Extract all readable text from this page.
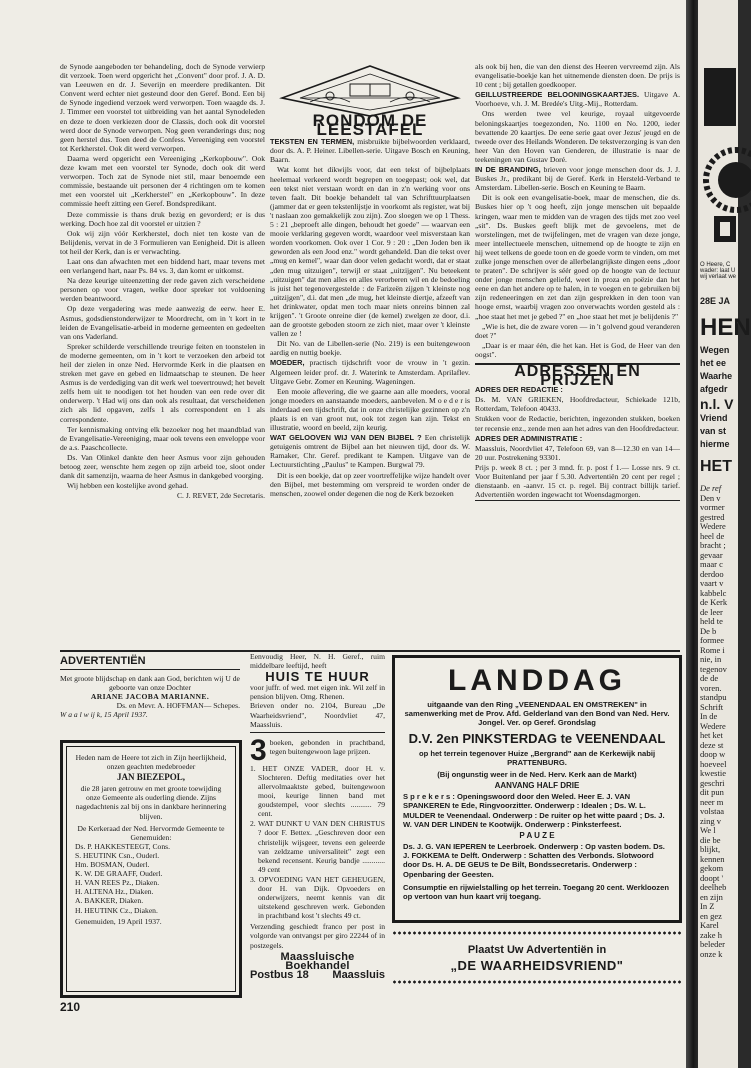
de Synode aangeboden ter behandeling, doch de Synode verwierp dit verzoek. Toen werd opgericht het „Convent" door prof. J. A. D. van Leeuwen en dr. J. Severijn en meerdere predikanten. Dit Convent werd echter niet gesteund door den Geref. Bond. Een bij de Synode ingediend verzoek werd verworpen. Toen waagde ds. J. J. Timmer een voorstel tot uitbreiding van het aantal Synodeleden en deze te doen verkiezen door de Classis, doch ook dit voorstel werd door de Synode verworpen. Nog geen veranderings dus; nog geen herstel dus. Toen deed de Confess. Vereeniging een voorstel tot Kerkherstel. Ook dit werd verworpen.

Daarna werd opgericht een Vereeniging „Kerkopbouw". Ook deze kwam met een voorstel ter Synode, doch ook dit werd verworpen. Toch zat de Synode niet stil, maar benoemde een commissie, bestaande uit personen der 4 richtingen om te komen met een voorstel uit „Kerkherstel" en „Kerkopbouw". In deze commissie heeft zitting een Geref. Bondspredikant.

Deze commissie is thans druk bezig en gevorderd; er is dus werking. Doch hoe zal dit voorstel er uitzien ?

Ook wij zijn vóór Kerkherstel, doch niet ten koste van de Belijdenis, vervat in de 3 Formulieren van Eenigheid. Dit is alleen tot heil der Kerk, dan is er verwachting.

Laat ons dan afwachten met een biddend hart, maar tevens met een verlangend hart, naar Ps. 84 vs. 3, dan komt er uitkomst.

Na deze keurige uiteenzetting der rede gaven zich verscheidene personen op voor vragen, welke door spreker tot voldoening werden beantwoord.

Op deze vergadering was mede aanwezig de eerw. heer E. Asmus, godsdienstonderwijzer te Moordrecht, om in 't kort in te leiden de Evangelisatie-arbeid in moderne gemeenten en gedeelten van ons Vaderland.

Spreker schilderde verschillende treurige feiten en toonstelen in de moderne gemeenten, om in 't kort te verzoeken den arbeid tot heil der zielen in onze Ned. Hervormde Kerk in die plaatsen en streken met gave en gebed en lidmaatschap te steunen. De heer Asmus is de verdediging van dit werk wel toevertrouwd; het bevelt zelfs hem uit te noodigen tot het houden van een rede over dit onderwerp. 't Had wij ons dan ook als resultaat, dat verscheidenen zich als lid opgaven, zelfs 1 als correspondent en 1 als correspondente.

Ter kennismaking ontving elk bezoeker nog het maandblad van de Evangelisatie-Vereeniging, maar ook tevens een enveloppe voor de a.s. Paaschcollecte.

Ds. Van Olinkel dankte den heer Asmus voor zijn gehouden betoog zeer, wenschte hem zegen op zijn arbeid toe, sloot onder dank dit samenzijn, waarna de heer Asmus in dankgebed voorging.

Wij hebben een kostelijke avond gehad.

C. J. REVET, 2de Secretaris.

RONDOM DE LEESTAFEL

TEKSTEN EN TERMEN, misbruikte bijbelwoorden verklaard, door ds. A. P. Heiner. Libellen-serie. Uitgave Bosch en Keuning, Baarn.

Wat komt het dikwijls voor, dat een tekst of bijbelplaats heelemaal verkeerd wordt begrepen en toegepast; ook wel, dat een tekst niet verstaan wordt en dan in z'n werking voor ons teven faalt. Dit boekje behandelt tal van Schrifttuurplaatsen (jammer dat er geen tekstenlijstje in voorkomt als register, wat bij 't naslaan zoo gemakkelijk zou zijn). Zoo sloegen we op 1 Thess. 5 : 21 „beproeft alle dingen, behoudt het goede" — waarvan een mooie verklaring gegeven wordt, waardoor veel misverstaan kan worden voorkomen. Ook over 1 Cor. 9 : 20 : „Den Joden ben ik geworden als een Jood enz." wordt gehandeld. Dan die tekst over „mug en kemel", waar dan door velen gedacht wordt, dat er staat „den mug uitzuigen", terwijl er staat „uitzijgen". Nu beteekent „uitzuigen" dat men alles en alles verorberen wil en de bedoeling is juist het tegenovergestelde : de Farizeën zijgen 't kleinste nog „uitzijgen", d.i. dat men „de mug, het kleinste diertje, afzeeft van het drinkwater, opdat men toch maar niets onreins binnen zal krijgen". 't Groote onreine dier (de kemel) zwelgen ze door, d.i. aan de grootste geboden stoorn ze zich niet, maar over 't kleinste vallen ze !

Dit No. van de Libellen-serie (No. 219) is een buitengewoon aardig en nuttig boekje.

MOEDER, practisch tijdschrift voor de vrouw in 't gezin. Algemeen leider prof. dr. J. Waterink te Amsterdam. Aprilaflev. Uitgave Gebr. Zomer en Keuning. Wageningen.

Een mooie aflevering, die we gaarne aan alle moeders, vooral jonge moeders en aanstaande moeders, aanbevelen. M o e d e r is inderdaad een tijdschrift, dat in onze christelijke gezinnen op z'n plaats is en van groot nut, ook tot zegen kan zijn. Tekst en illustratie, woord en beeld, zijn keurig.

WAT GELOOVEN WIJ VAN DEN BIJBEL ? Een christelijk getuigenis omtrent de Bijbel aan het nieuwen tijd, door ds. W. Ramaker, Chr. Geref. predikant te Kampen. Uitgave van de Lectuurstichting „Paulus" te Kampen. Burgwal 79.

Dit is een boekje, dat op zeer voortreffelijke wijze handelt over den Bijbel, met bestemming om verspreid te worden onder de menschen, zoowel onder degenen die nog de Kerk bezoeken

als ook bij hen, die van den dienst des Heeren vervreemd zijn. Als evangelisatie-boekje kan het uitnemende diensten doen. De prijs is 10 cent ; bij getallen goedkooper.

GEILLUSTREERDE BELOONINGSKAARTJES. Uitgave A. Voorhoeve, v.h. J. M. Bredée's Uitg.-Mij., Rotterdam.

Ons werden twee vel keurige, royaal uitgevoerde beloningskaartjes toegezonden, No. 1100 en No. 1200, ieder bevattende 20 kaartjes. De eene serie gaat over Jezus' jeugd en de tweede over des Heilands Wonderen. De tekstverzorging is van den heer Van den Hoven van Genderen, de illustratie is naar de teekeningen van Gustav Doré.

IN DE BRANDING, brieven voor jonge menschen door ds. J. J. Buskes Jr., predikant bij de Geref. Kerk in Hersteld-Verband te Amsterdam. Libellen-serie. Bosch en Keuning te Baarn.

Dit is ook een evangelisatie-boek, maar de menschen, die ds. Buskes hier op 't oog heeft, zijn jonge menschen uit bepaalde kringen, waar men te midden van de vragen des tijds met zoo veel „sit". Ds. Buskes geeft blijk met de gevoelens, met de worstelingen, met de twijfelingen, met de vragen van deze jonge, meer intellectueele menschen, uitnemend op de hoogte te zijn en hij weet telkens de goede toon en de goede vorm te vinden, om met zulke jonge menschen over de allerbelangrijkste dingen eens „door te praten". De schrijver is séér goed op de hoogte van de lectuur onder jonge menschen geliefd, weet in proza en poëzie dan het eene en dan het andere op te halen, in te voegen en te gebruiken bij zijn redeneeringen en zet dan zijn gesprekken in den toon van hooge ernst, waarbij vragen zoo onverwachts worden gesteld als : „hoe staat het met je gebed ?" en „hoe staat het met je belijdenis ?"

„Wie is het, die de zware voren — in 't golvend goud veranderen doet ?"

„Daar is er maar één, die het kan. Het is God, de Heer van den oogst".

ADRESSEN EN PRIJZEN

ADRES DER REDACTIE :

Ds. M. VAN GRIEKEN, Hoofdredacteur, Schiekade 121b, Rotterdam, Telefoon 40433.

Stukken voor de Redactie, berichten, ingezonden stukken, boeken ter recensie enz., zende men aan het adres van den Hoofdredacteur.

ADRES DER ADMINISTRATIE :

Maassluis, Noordvliet 47, Telefoon 69, van 8—12.30 en van 14—20 uur. Postrekening 93301.

Prijs p. week 8 ct. ; per 3 mnd. fr. p. post f 1.— Losse nrs. 9 ct. Voor Buitenland per jaar f 5.30. Advertentiën 20 cent per regel ; dienstaanb. en -aanvr. 15 ct. p. regel. Bij contract billijk tarief. Advertentiën worden ingewacht tot Woensdagmorgen.

ADVERTENTIËN
Met groote blijdschap en dank aan God, berichten wij U de geboorte van onze Dochter
ARIANE JACOBA MARIANNE.
Ds. en Mevr. A. HOFFMAN— Schepes.
W a a l w ij k, 15 April 1937.
Heden nam de Heere tot zich in Zijn heerlijkheid, onzen geachten medebroeder
JAN BIEZEPOL,
die 28 jaren getrouw en met groote toewijding onze Gemeente als ouderling diende. Zijns nagedachtenis zal bij ons in dankbare herinnering blijven.
De Kerkeraad der Ned. Hervormde Gemeente te Genemuiden:
Ds. P. HAKKESTEEGT, Cons.
S. HEUTINK Csn., Ouderl.
Hm. BOSMAN, Ouderl.
K. W. DE GRAAFF, Ouderl.
H. VAN REES Pz., Diaken.
H. ALTENA Hz., Diaken.
A. BAKKER, Diaken.
H. HEUTINK Cz., Diaken.
Genemuiden, 19 April 1937.
Eenvoudig Heer, N. H. Geref., ruim middelbare leeftijd, heeft
HUIS TE HUUR
voor juffr. of wed. met eigen ink. Wil zelf in pension blijven. Omg. Rhenen.
Brieven onder no. 2104, Bureau „De Waarheidsvriend", Noordvliet 47, Maassluis.
3 boeken, gebonden in prachtband, tegen buitengewoon lage prijzen.
1. HET ONZE VADER, door H. v. Slochteren. Deftig meditaties over het allervolmaaktste gebed, buitengewoon mooi, keurige linnen band met goudstempel, voor slechts ........... 79 cent.
2. WAT DUNKT U VAN DEN CHRISTUS ? door F. Bettex. „Geschreven door een christelijk wijsgeer, tevens een geleerde van zeldzame universaliteit" zegt een bekend recensent. Keurig bandje ............ 49 cent
3. OPVOEDING VAN HET GEHEUGEN, door H. van Dijk. Opvoeders en onderwijzers, neemt kennis van dit uitstekend geschreven werk. Gebonden in prachtband kost 't slechts 49 ct.
Verzending geschiedt franco per post in volgorde van ontvangst per giro 22244 of in postzegels.
Maassluische Boekhandel
Postbus 18 Maassluis
LANDDAG
uitgaande van den Ring „VEENENDAAL EN OMSTREKEN" in samenwerking met de Prov. Afd. Gelderland van den Bond van Ned. Herv. Jongel. Ver. op Geref. Grondslag
D.V. 2en PINKSTERDAG te VEENENDAAL
op het terrein tegenover Huize „Bergrand" aan de Kerkewijk nabij PRATTENBURG.
(Bij ongunstig weer in de Ned. Herv. Kerk aan de Markt)
AANVANG HALF DRIE
S p r e k e r s : Openingswoord door den Weled. Heer E. J. VAN SPANKEREN te Ede, Ringvoorzitter. Onderwerp : Idealen ; Ds. W. L. MULDER te Veenendaal. Onderwerp : De ruiter op het witte paard ; Ds. J. W. VAN DER LINDEN te Kootwijk. Onderwerp : Pinksterfeest.
P A U Z E
Ds. J. G. VAN IEPEREN te Leerbroek. Onderwerp : Op vasten bodem. Ds. J. FOKKEMA te Delft. Onderwerp : Schatten des Verbonds. Slotwoord door Ds. H. A. DE GEUS te De Bilt, Bondssecretaris. Onderwerp : Openbaring der Geesten.
Consumptie en rijwielstalling op het terrein. Toegang 20 cent. Werkloozen op vertoon van hun kaart vrij toegang.
Plaatst Uw Advertentiën in
„DE WAARHEIDSVRIEND"
210
O Heere, C
wader: laat U
wij verlaat we
28E JA
HEN
Wegen
het ee
Waarhe
afgedr
n.l. V
Vriend
van st
hierme
HET
De ref
Den v
vormer
gestred
Wedere
heel de
bracht ;
gevaar
maar c
derdoo
vaart v
kabbelc
de Kerk
de leer
held te
De b
formee
Rome i
nie, in
tegenov
de de
voren.
standpu
Schrift
In de
Wedere
het ket
deze st
doop w
hoeveel
kwestie
geschri
dit pun
neer m
volstaa
zing v
We l
die be
blijkt,
kennen
gekom
doopt '
deelheb
en zijn
In Z
en gez
Karel
zake h
beleder
onze k
